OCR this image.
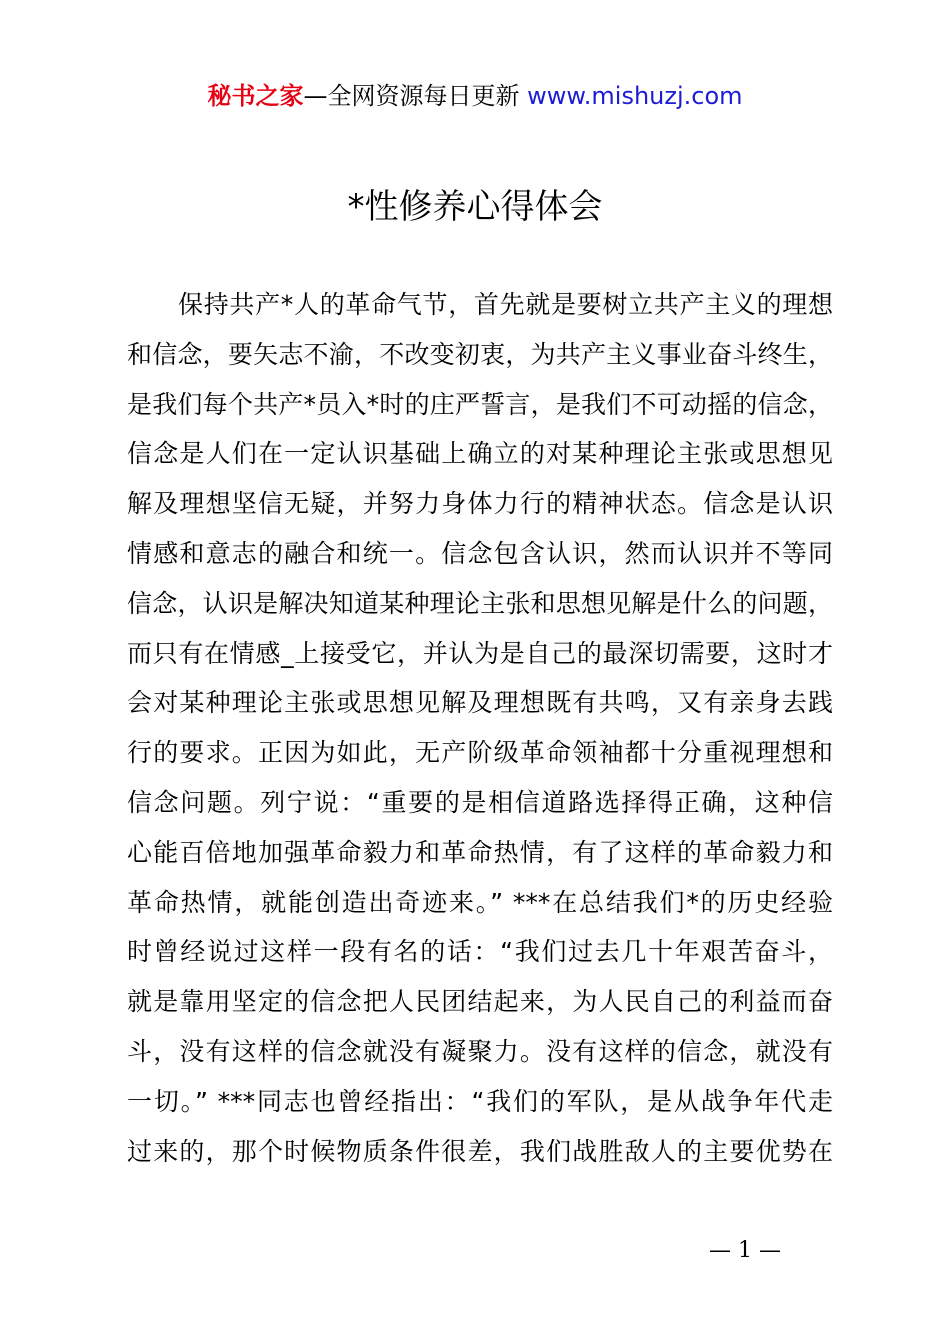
秘书之家—全网资源每日更新 www.mishuzj.com
*性修养心得体会
保持共产*人的革命气节，首先就是要树立共产主义的理想
和信念，要矢志不渝，不改变初衷，为共产主义事业奋斗终生，
是我们每个共产*员入*时的庄严誓言，是我们不可动摇的信念，
信念是人们在一定认识基础上确立的对某种理论主张或思想见
解及理想坚信无疑，并努力身体力行的精神状态。信念是认识
情感和意志的融合和统一。信念包含认识，然而认识并不等同
信念，认识是解决知道某种理论主张和思想见解是什么的问题，
而只有在情感_上接受它，并认为是自己的最深切需要，这时才
会对某种理论主张或思想见解及理想既有共鸣，又有亲身去践
行的要求。正因为如此，无产阶级革命领袖都十分重视理想和
信念问题。列宁说：“重要的是相信道路选择得正确，这种信
心能百倍地加强革命毅力和革命热情，有了这样的革命毅力和
革命热情，就能创造出奇迹来。” ***在总结我们*的历史经验
时曾经说过这样一段有名的话：“我们过去几十年艰苦奋斗，
就是靠用坚定的信念把人民团结起来，为人民自己的利益而奋
斗，没有这样的信念就没有凝聚力。没有这样的信念，就没有
一切。” ***同志也曾经指出：“我们的军队，是从战争年代走
过来的，那个时候物质条件很差，我们战胜敌人的主要优势在
— 1 —
